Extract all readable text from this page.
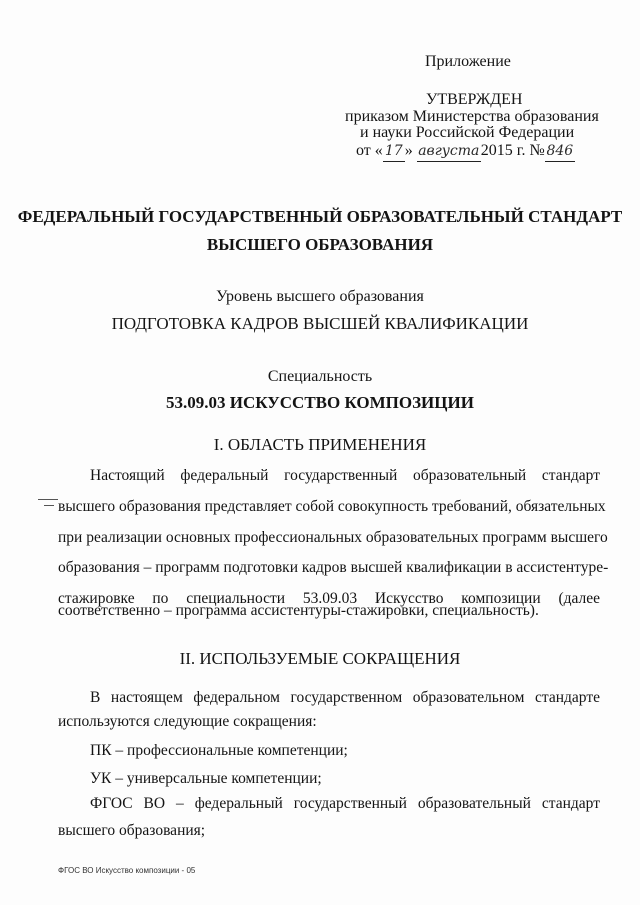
Приложение
УТВЕРЖДЕН
приказом Министерства образования
и науки Российской Федерации
от « 17 » августа2015 г. № 846
ФЕДЕРАЛЬНЫЙ ГОСУДАРСТВЕННЫЙ ОБРАЗОВАТЕЛЬНЫЙ СТАНДАРТ
ВЫСШЕГО ОБРАЗОВАНИЯ
Уровень высшего образования
ПОДГОТОВКА КАДРОВ ВЫСШЕЙ КВАЛИФИКАЦИИ
Специальность
53.09.03 ИСКУССТВО КОМПОЗИЦИИ
I. ОБЛАСТЬ ПРИМЕНЕНИЯ
Настоящий федеральный государственный образовательный стандарт
высшего образования представляет собой совокупность требований, обязательных
при реализации основных профессиональных образовательных программ высшего
образования – программ подготовки кадров высшей квалификации в ассистентуре-
стажировке по специальности 53.09.03 Искусство композиции (далее
соответственно – программа ассистентуры-стажировки, специальность).
II. ИСПОЛЬЗУЕМЫЕ СОКРАЩЕНИЯ
В настоящем федеральном государственном образовательном стандарте
используются следующие сокращения:
ПК – профессиональные компетенции;
УК – универсальные компетенции;
ФГОС ВО – федеральный государственный образовательный стандарт
высшего образования;
ФГОС ВО Искусство композиции - 05
